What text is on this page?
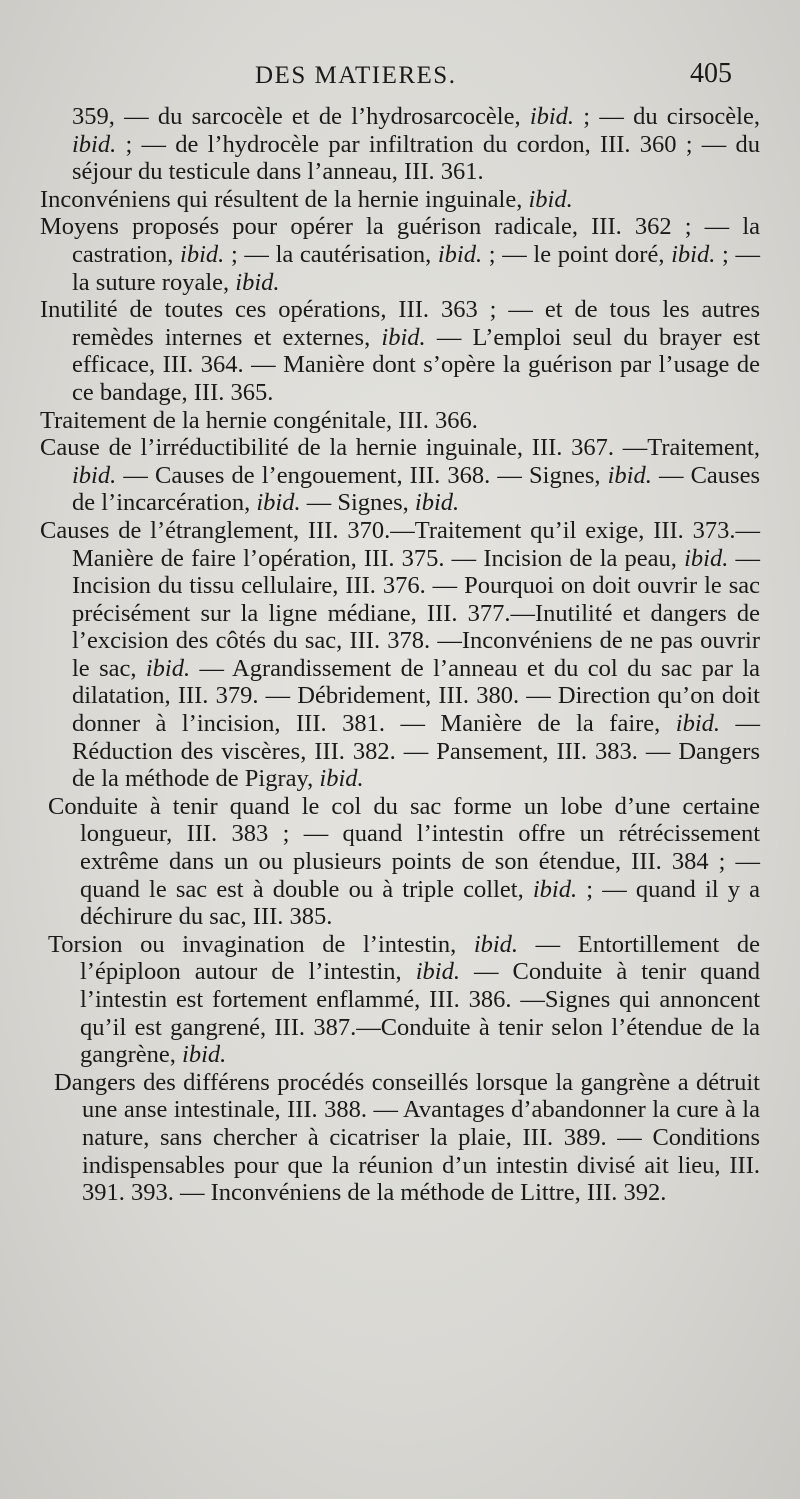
DES MATIERES.	405

359, — du sarcocèle et de l’hydrosarcocèle, ibid. ; — du cirsocèle, ibid. ; — de l’hydrocèle par infiltration du cordon, III. 360 ; — du séjour du testicule dans l’anneau, III. 361.

Inconvéniens qui résultent de la hernie inguinale, ibid.

Moyens proposés pour opérer la guérison radicale, III. 362 ; — la castration, ibid. ; — la cautérisation, ibid. ; — le point doré, ibid. ; — la suture royale, ibid.

Inutilité de toutes ces opérations, III. 363 ; — et de tous les autres remèdes internes et externes, ibid. — L’emploi seul du brayer est efficace, III. 364. — Manière dont s’opère la guérison par l’usage de ce bandage, III. 365.

Traitement de la hernie congénitale, III. 366.

Cause de l’irréductibilité de la hernie inguinale, III. 367. —Traitement, ibid. — Causes de l’engouement, III. 368. — Signes, ibid. — Causes de l’incarcération, ibid. — Signes, ibid.

Causes de l’étranglement, III. 370.—Traitement qu’il exige, III. 373.—Manière de faire l’opération, III. 375. — Incision de la peau, ibid. — Incision du tissu cellulaire, III. 376. — Pourquoi on doit ouvrir le sac précisément sur la ligne médiane, III. 377.—Inutilité et dangers de l’excision des côtés du sac, III. 378. —Inconvéniens de ne pas ouvrir le sac, ibid. — Agrandissement de l’anneau et du col du sac par la dilatation, III. 379. — Débridement, III. 380. — Direction qu’on doit donner à l’incision, III. 381. — Manière de la faire, ibid. — Réduction des viscères, III. 382. — Pansement, III. 383. — Dangers de la méthode de Pigray, ibid.

Conduite à tenir quand le col du sac forme un lobe d’une certaine longueur, III. 383 ; — quand l’intestin offre un rétrécissement extrême dans un ou plusieurs points de son étendue, III. 384 ; — quand le sac est à double ou à triple collet, ibid. ; — quand il y a déchirure du sac, III. 385.

Torsion ou invagination de l’intestin, ibid. — Entortillement de l’épiploon autour de l’intestin, ibid. — Conduite à tenir quand l’intestin est fortement enflammé, III. 386. —Signes qui annoncent qu’il est gangrené, III. 387.—Conduite à tenir selon l’étendue de la gangrène, ibid.

Dangers des différens procédés conseillés lorsque la gangrène a détruit une anse intestinale, III. 388. — Avantages d’abandonner la cure à la nature, sans chercher à cicatriser la plaie, III. 389. — Conditions indispensables pour que la réunion d’un intestin divisé ait lieu, III. 391. 393. — Inconvéniens de la méthode de Littre, III. 392.
